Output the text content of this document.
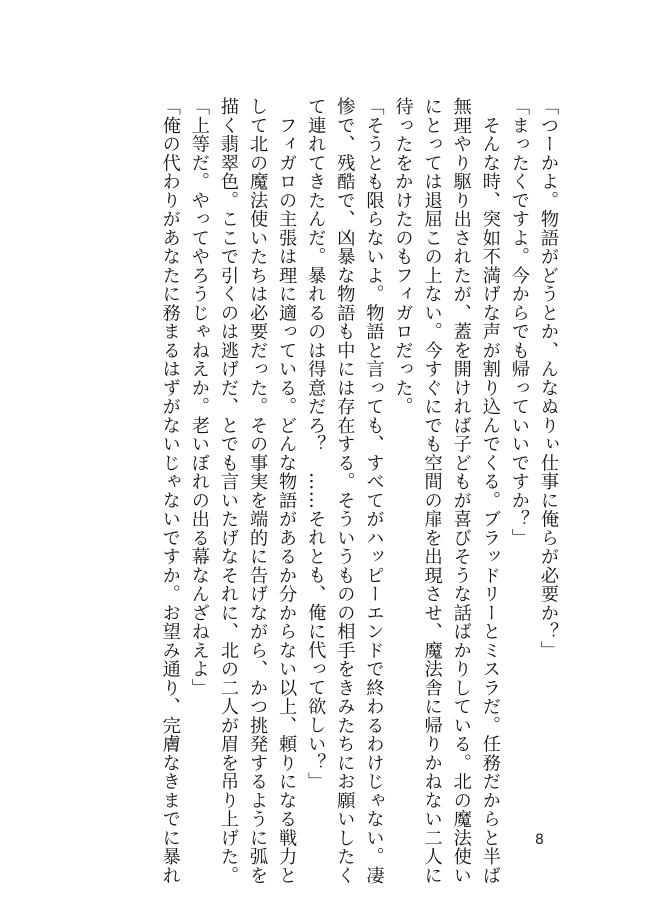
「つーかよ。物語がどうとか、んなぬりぃ仕事に俺らが必要か？」

「まったくですよ。今からでも帰っていいですか？」

　そんな時、突如不満げな声が割り込んでくる。ブラッドリーとミスラだ。任務だからと半ば

無理やり駆り出されたが、蓋を開ければ子どもが喜びそうな話ばかりしている。北の魔法使い

にとっては退屈この上ない。今すぐにでも空間の扉を出現させ、魔法舎に帰りかねない二人に

待ったをかけたのもフィガロだった。

「そうとも限らないよ。物語と言っても、すべてがハッピーエンドで終わるわけじゃない。凄

惨で、残酷で、凶暴な物語も中には存在する。そういうものの相手をきみたちにお願いしたく

て連れてきたんだ。暴れるのは得意だろ？　……それとも、俺に代って欲しい？」

　フィガロの主張は理に適っている。どんな物語があるか分からない以上、頼りになる戦力と

して北の魔法使いたちは必要だった。その事実を端的に告げながら、かつ挑発するように弧を

描く翡翠色。ここで引くのは逃げだ、とでも言いたげなそれに、北の二人が眉を吊り上げた。

「上等だ。やってやろうじゃねえか。老いぼれの出る幕なんざねえよ」

「俺の代わりがあなたに務まるはずがないじゃないですか。お望み通り、完膚なきまでに暴れ	8
